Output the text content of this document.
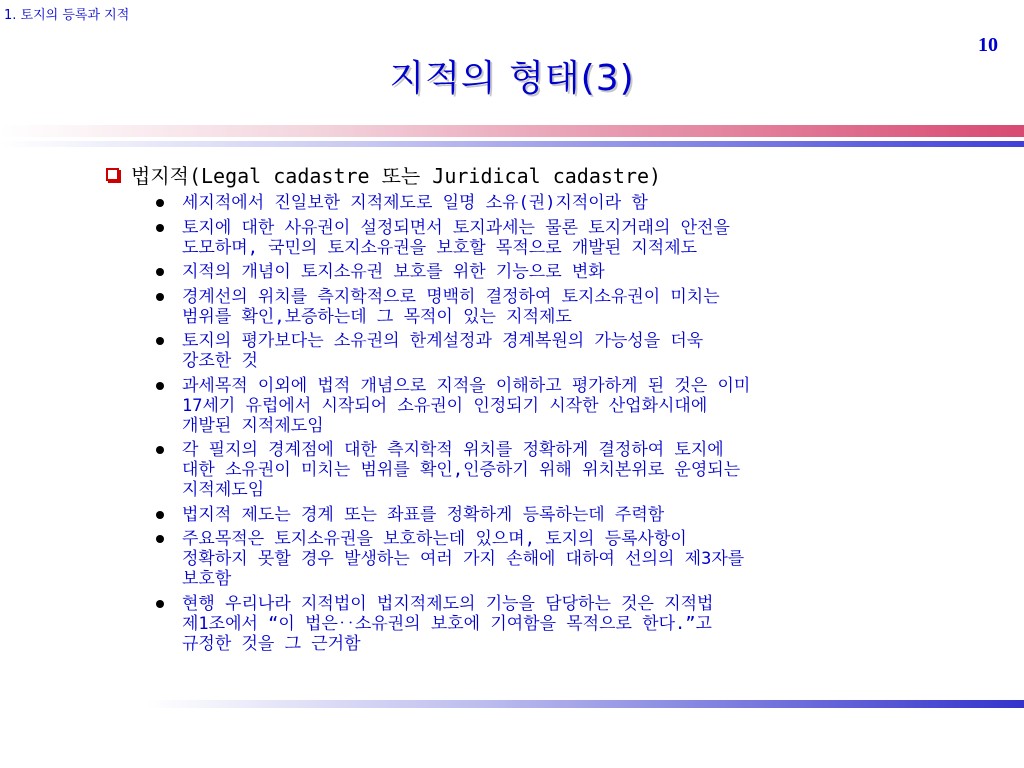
1. 토지의 등록과 지적
10
지적의 형태(3)
법지적(Legal cadastre 또는 Juridical cadastre)
세지적에서 진일보한 지적제도로 일명 소유(권)지적이라 함
토지에 대한 사유권이 설정되면서 토지과세는 물론 토지거래의 안전을
도모하며, 국민의 토지소유권을 보호할 목적으로 개발된 지적제도
지적의 개념이 토지소유권 보호를 위한 기능으로 변화
경계선의 위치를 측지학적으로 명백히 결정하여 토지소유권이 미치는
범위를 확인,보증하는데 그 목적이 있는 지적제도
토지의 평가보다는 소유권의 한계설정과 경계복원의 가능성을 더욱
강조한 것
과세목적 이외에 법적 개념으로 지적을 이해하고 평가하게 된 것은 이미
17세기 유럽에서 시작되어 소유권이 인정되기 시작한 산업화시대에
개발된 지적제도임
각 필지의 경계점에 대한 측지학적 위치를 정확하게 결정하여 토지에
대한 소유권이 미치는 범위를 확인,인증하기 위해 위치본위로 운영되는
지적제도임
법지적 제도는 경계 또는 좌표를 정확하게 등록하는데 주력함
주요목적은 토지소유권을 보호하는데 있으며, 토지의 등록사항이
정확하지 못할 경우 발생하는 여러 가지 손해에 대하여 선의의 제3자를
보호함
현행 우리나라 지적법이 법지적제도의 기능을 담당하는 것은 지적법
제1조에서 “이 법은‥소유권의 보호에 기여함을 목적으로 한다.”고
규정한 것을 그 근거함
